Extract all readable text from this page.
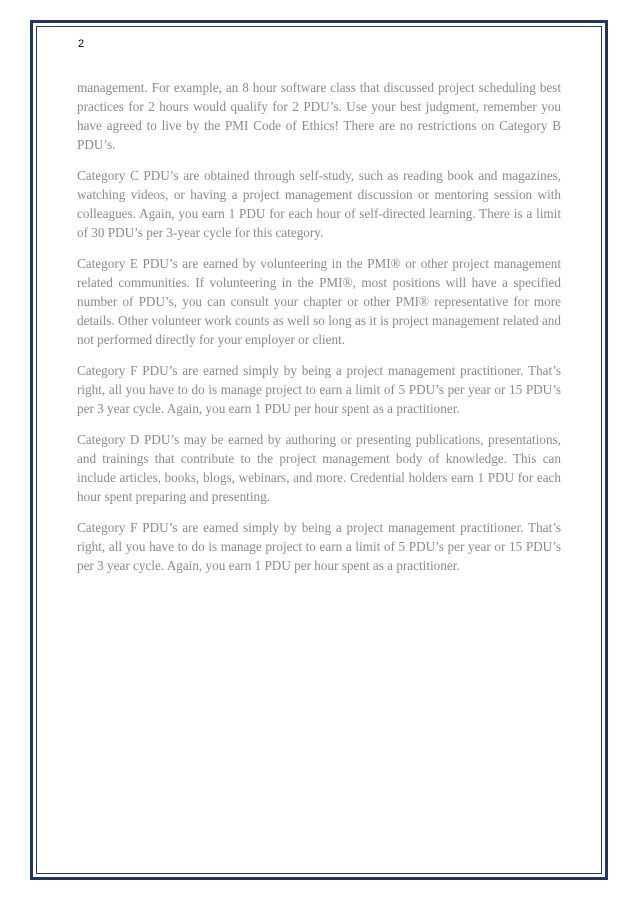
2

management. For example, an 8 hour software class that discussed project scheduling best practices for 2 hours would qualify for 2 PDU’s. Use your best judgment, remember you have agreed to live by the PMI Code of Ethics! There are no restrictions on Category B PDU’s.

Category C PDU’s are obtained through self-study, such as reading book and magazines, watching videos, or having a project management discussion or mentoring session with colleagues. Again, you earn 1 PDU for each hour of self-directed learning. There is a limit of 30 PDU’s per 3-year cycle for this category.

Category E PDU’s are earned by volunteering in the PMI® or other project management related communities. If volunteering in the PMI®, most positions will have a specified number of PDU’s, you can consult your chapter or other PMI® representative for more details. Other volunteer work counts as well so long as it is project management related and not performed directly for your employer or client.

Category F PDU’s are earned simply by being a project management practitioner. That’s right, all you have to do is manage project to earn a limit of 5 PDU’s per year or 15 PDU’s per 3 year cycle. Again, you earn 1 PDU per hour spent as a practitioner.

Category D PDU’s may be earned by authoring or presenting publications, presentations, and trainings that contribute to the project management body of knowledge. This can include articles, books, blogs, webinars, and more. Credential holders earn 1 PDU for each hour spent preparing and presenting.

Category F PDU’s are earned simply by being a project management practitioner. That’s right, all you have to do is manage project to earn a limit of 5 PDU’s per year or 15 PDU’s per 3 year cycle. Again, you earn 1 PDU per hour spent as a practitioner.
